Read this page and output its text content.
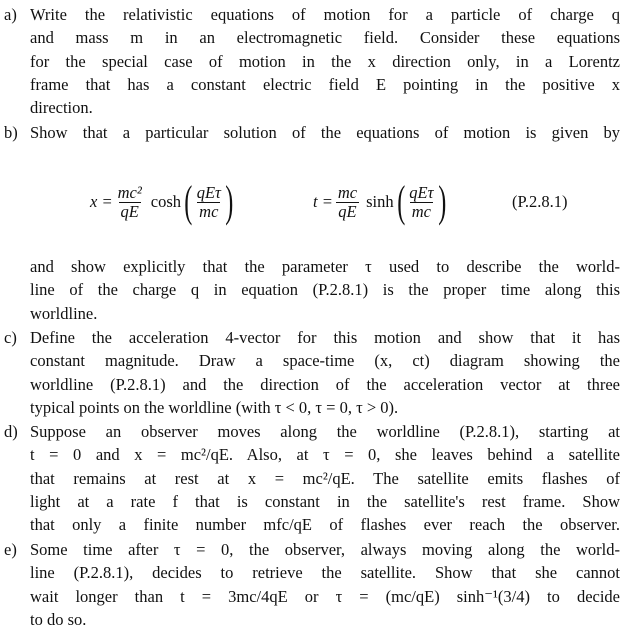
a) Write the relativistic equations of motion for a particle of charge q
and mass m in an electromagnetic field. Consider these equations
for the special case of motion in the x direction only, in a Lorentz
frame that has a constant electric field E pointing in the positive x
direction.
b) Show that a particular solution of the equations of motion is given by
$x = \frac{\text{mc²}}{qE}$ cosh ( $\frac{\text{qEτ}}{mc}$ )	$t = \frac{mc}{qE}$ sinh ( $\frac{\text{qEτ}}{mc}$ )	(P.2.8.1)
and show explicitly that the parameter τ used to describe the world-
line of the charge q in equation (P.2.8.1) is the proper time along this
worldline.
c) Define the acceleration 4-vector for this motion and show that it has
constant magnitude. Draw a space-time (x, ct) diagram showing the
worldline (P.2.8.1) and the direction of the acceleration vector at three
typical points on the worldline (with τ < 0, τ = 0, τ > 0).
d) Suppose an observer moves along the worldline (P.2.8.1), starting at
t = 0 and x = mc²/qE. Also, at τ = 0, she leaves behind a satellite
that remains at rest at x = mc²/qE. The satellite emits flashes of
light at a rate f that is constant in the satellite's rest frame. Show
that only a finite number mfc/qE of flashes ever reach the observer.
e) Some time after τ = 0, the observer, always moving along the world-
line (P.2.8.1), decides to retrieve the satellite. Show that she cannot
wait longer than t = 3mc/4qE or τ = (mc/qE) sinh⁻¹(3/4) to decide
to do so.
